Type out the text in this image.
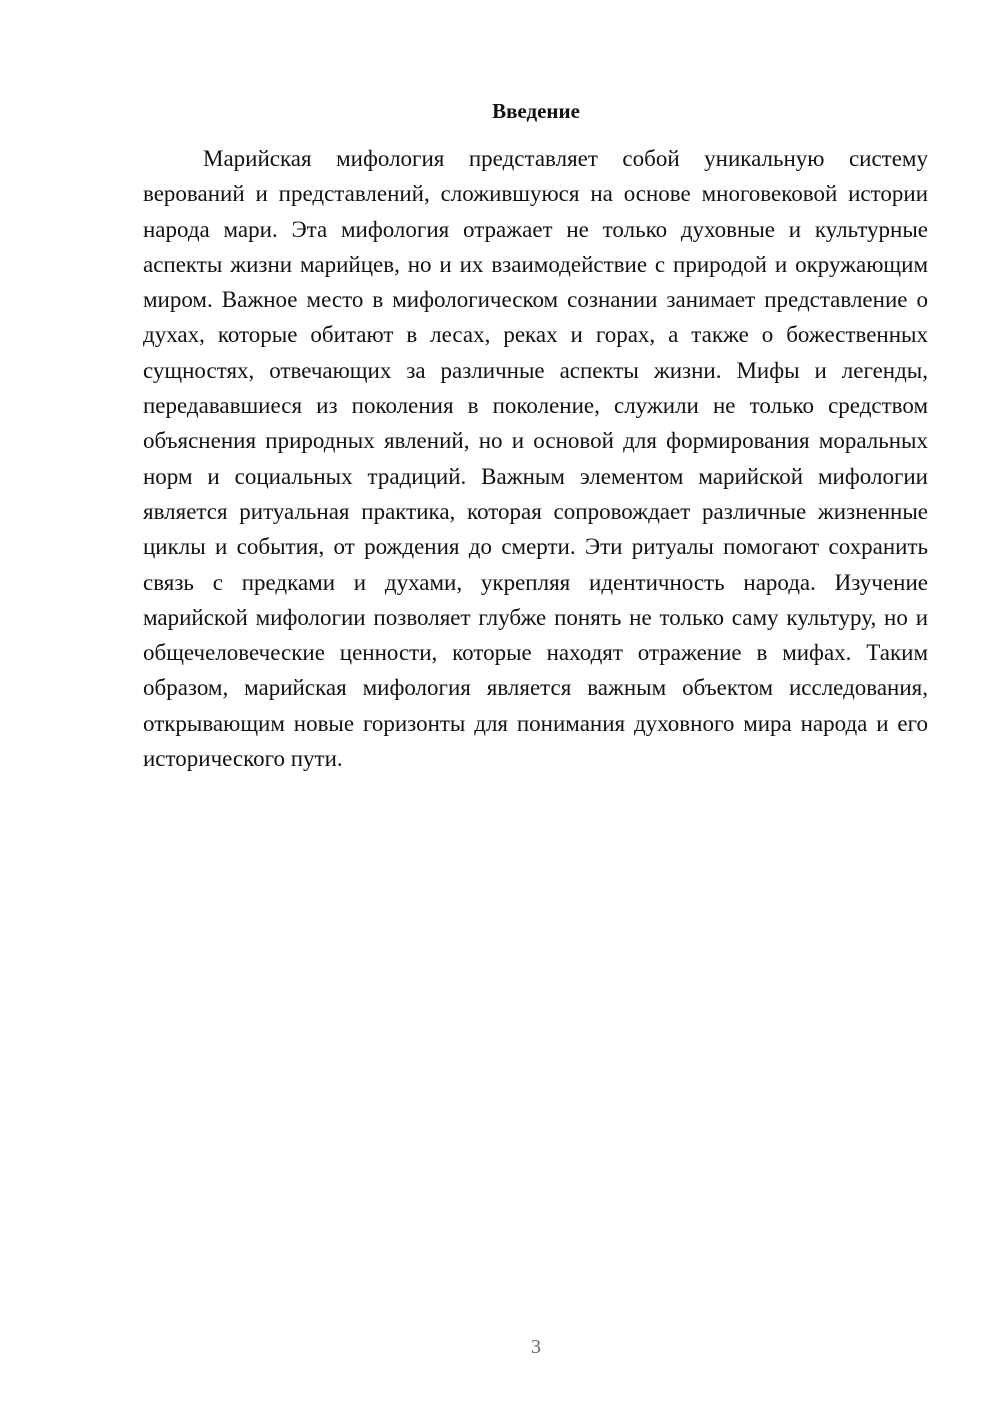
Введение

Марийская мифология представляет собой уникальную систему верований и представлений, сложившуюся на основе многовековой истории народа мари. Эта мифология отражает не только духовные и культурные аспекты жизни марийцев, но и их взаимодействие с природой и окружающим миром. Важное место в мифологическом сознании занимает представление о духах, которые обитают в лесах, реках и горах, а также о божественных сущностях, отвечающих за различные аспекты жизни. Мифы и легенды, передававшиеся из поколения в поколение, служили не только средством объяснения природных явлений, но и основой для формирования моральных норм и социальных традиций. Важным элементом марийской мифологии является ритуальная практика, которая сопровождает различные жизненные циклы и события, от рождения до смерти. Эти ритуалы помогают сохранить связь с предками и духами, укрепляя идентичность народа. Изучение марийской мифологии позволяет глубже понять не только саму культуру, но и общечеловеческие ценности, которые находят отражение в мифах. Таким образом, марийская мифология является важным объектом исследования, открывающим новые горизонты для понимания духовного мира народа и его исторического пути.

3
